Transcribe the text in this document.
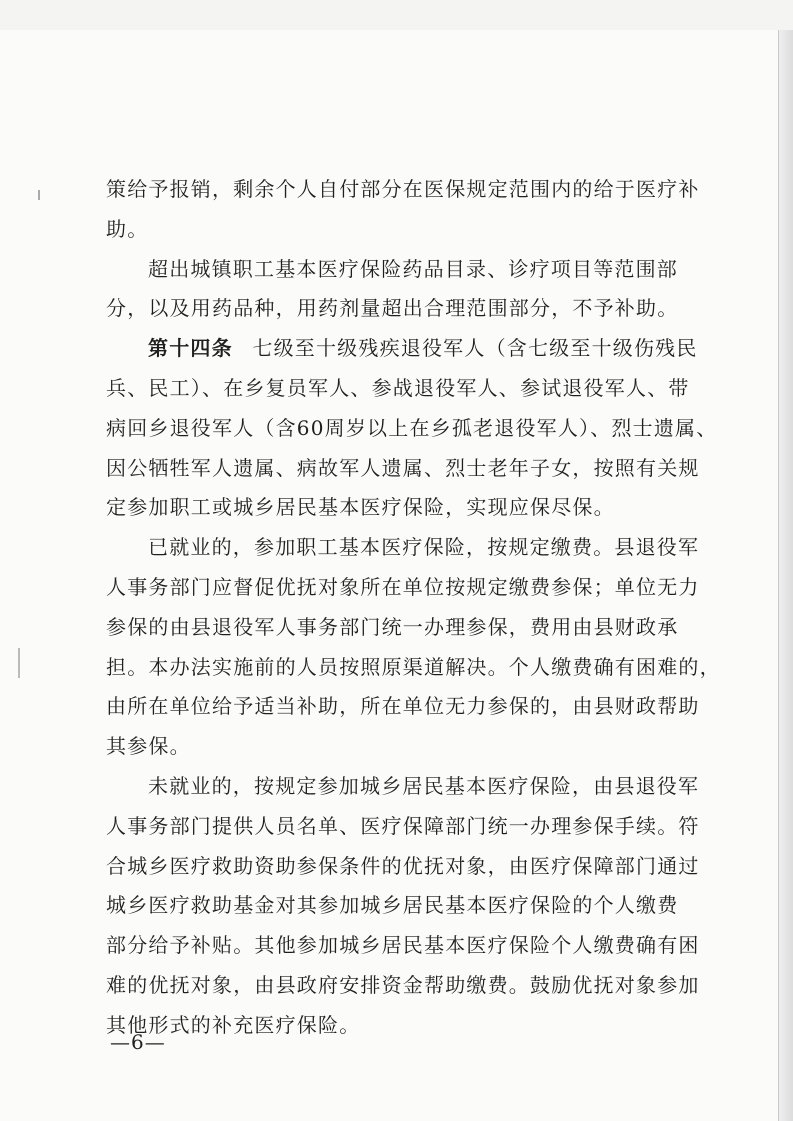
策给予报销，剩余个人自付部分在医保规定范围内的给于医疗补
助。
超出城镇职工基本医疗保险药品目录、诊疗项目等范围部
分，以及用药品种，用药剂量超出合理范围部分，不予补助。
第十四条 七级至十级残疾退役军人（含七级至十级伤残民
兵、民工）、在乡复员军人、参战退役军人、参试退役军人、带
病回乡退役军人（含60周岁以上在乡孤老退役军人）、烈士遗属、
因公牺牲军人遗属、病故军人遗属、烈士老年子女，按照有关规
定参加职工或城乡居民基本医疗保险，实现应保尽保。
已就业的，参加职工基本医疗保险，按规定缴费。县退役军
人事务部门应督促优抚对象所在单位按规定缴费参保；单位无力
参保的由县退役军人事务部门统一办理参保，费用由县财政承
担。本办法实施前的人员按照原渠道解决。个人缴费确有困难的，
由所在单位给予适当补助，所在单位无力参保的，由县财政帮助
其参保。
未就业的，按规定参加城乡居民基本医疗保险，由县退役军
人事务部门提供人员名单、医疗保障部门统一办理参保手续。符
合城乡医疗救助资助参保条件的优抚对象，由医疗保障部门通过
城乡医疗救助基金对其参加城乡居民基本医疗保险的个人缴费
部分给予补贴。其他参加城乡居民基本医疗保险个人缴费确有困
难的优抚对象，由县政府安排资金帮助缴费。鼓励优抚对象参加
其他形式的补充医疗保险。
—6—
